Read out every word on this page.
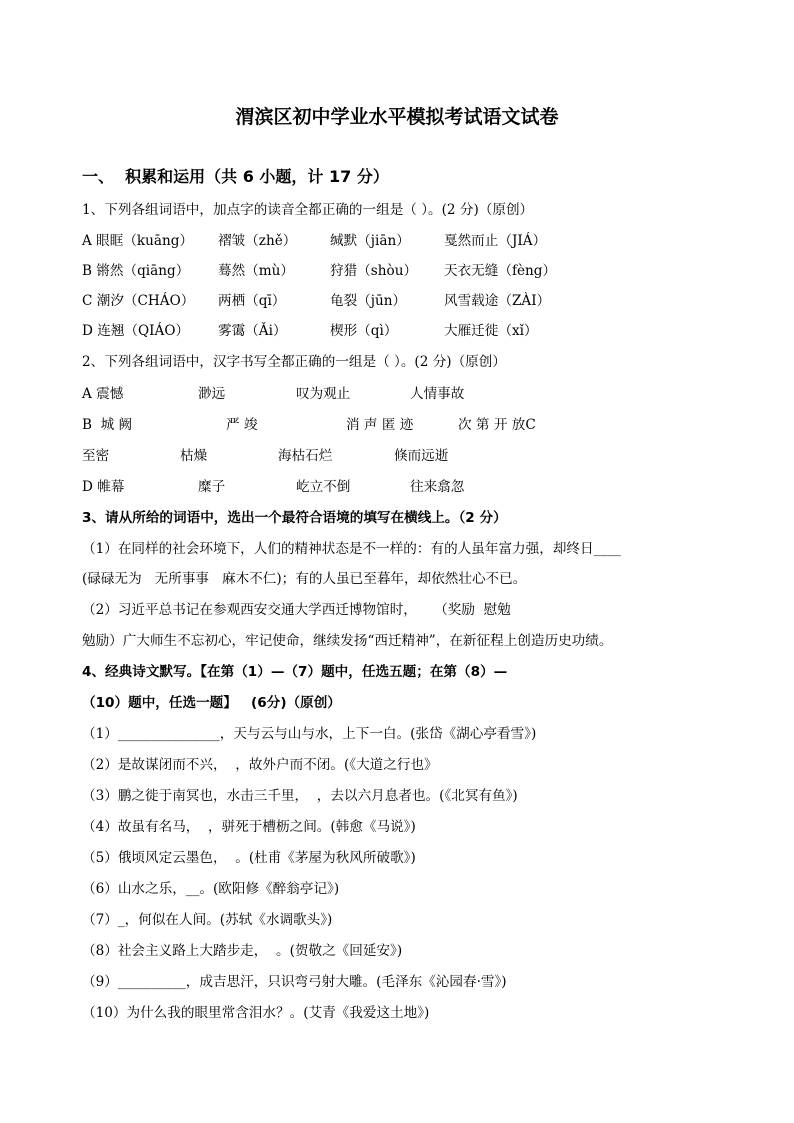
渭滨区初中学业水平模拟考试语文试卷
一、  积累和运用（共 6 小题，计 17 分）
1、下列各组词语中，加点字的读音全都正确的一组是（ ）。(2 分)（原创）
A 眼眶（kuāng） 褶皱（zhě） 缄默（jiān）	戛然而止（JIÁ）
B 锵然（qiāng） 蓦然（mù）	狩猎（shòu） 天衣无缝（fèng）
C 潮汐（CHÁO） 两栖（qī）	龟裂（jūn）	风雪载途（ZÀI）
D 连翘（QIÁO） 雾霭（Ǎi）	楔形（qì）	大雁迁徙（xǐ）
2、下列各组词语中，汉字书写全都正确的一组是（ ）。(2 分)（原创）
A 震憾	渺远	叹为观止	人情事故
B  城 阙	严 竣	消 声 匿 迹	次 第 开 放C
至密	枯燥	海枯石烂	倏而远逝
D 帷幕	糜子	屹立不倒	往来翕忽
3、请从所给的词语中，选出一个最符合语境的填写在横线上。（2 分）
（1）在同样的社会环境下，人们的精神状态是不一样的：有的人虽年富力强，却终日____
(碌碌无为   无所事事   麻木不仁)；有的人虽已至暮年，却依然壮心不已。
（2）习近平总书记在参观西安交通大学西迁博物馆时，    （奖励  慰勉
勉励）广大师生不忘初心，牢记使命，继续发扬“西迁精神”，在新征程上创造历史功绩。
4、经典诗文默写。【在第（1）—（7）题中，任选五题；在第（8）—
（10）题中，任选一题】   (6分)（原创）
（1）_______________，天与云与山与水，上下一白。(张岱《湖心亭看雪》)
（2）是故谋闭而不兴，  ，故外户而不闭。(《大道之行也》
（3）鹏之徙于南冥也，水击三千里，  ，去以六月息者也。(《北冥有鱼》)
（4）故虽有名马，  ，骈死于槽枥之间。(韩愈《马说》)
（5）俄顷风定云墨色，  。(杜甫《茅屋为秋风所破歌》)
（6）山水之乐，__。(欧阳修《醉翁亭记》)
（7）_，何似在人间。(苏轼《水调歌头》)
（8）社会主义路上大踏步走，  。(贺敬之《回延安》)
（9）__________，成吉思汗，只识弯弓射大雕。(毛泽东《沁园春·雪》)
（10）为什么我的眼里常含泪水？。(艾青《我爱这土地》)
